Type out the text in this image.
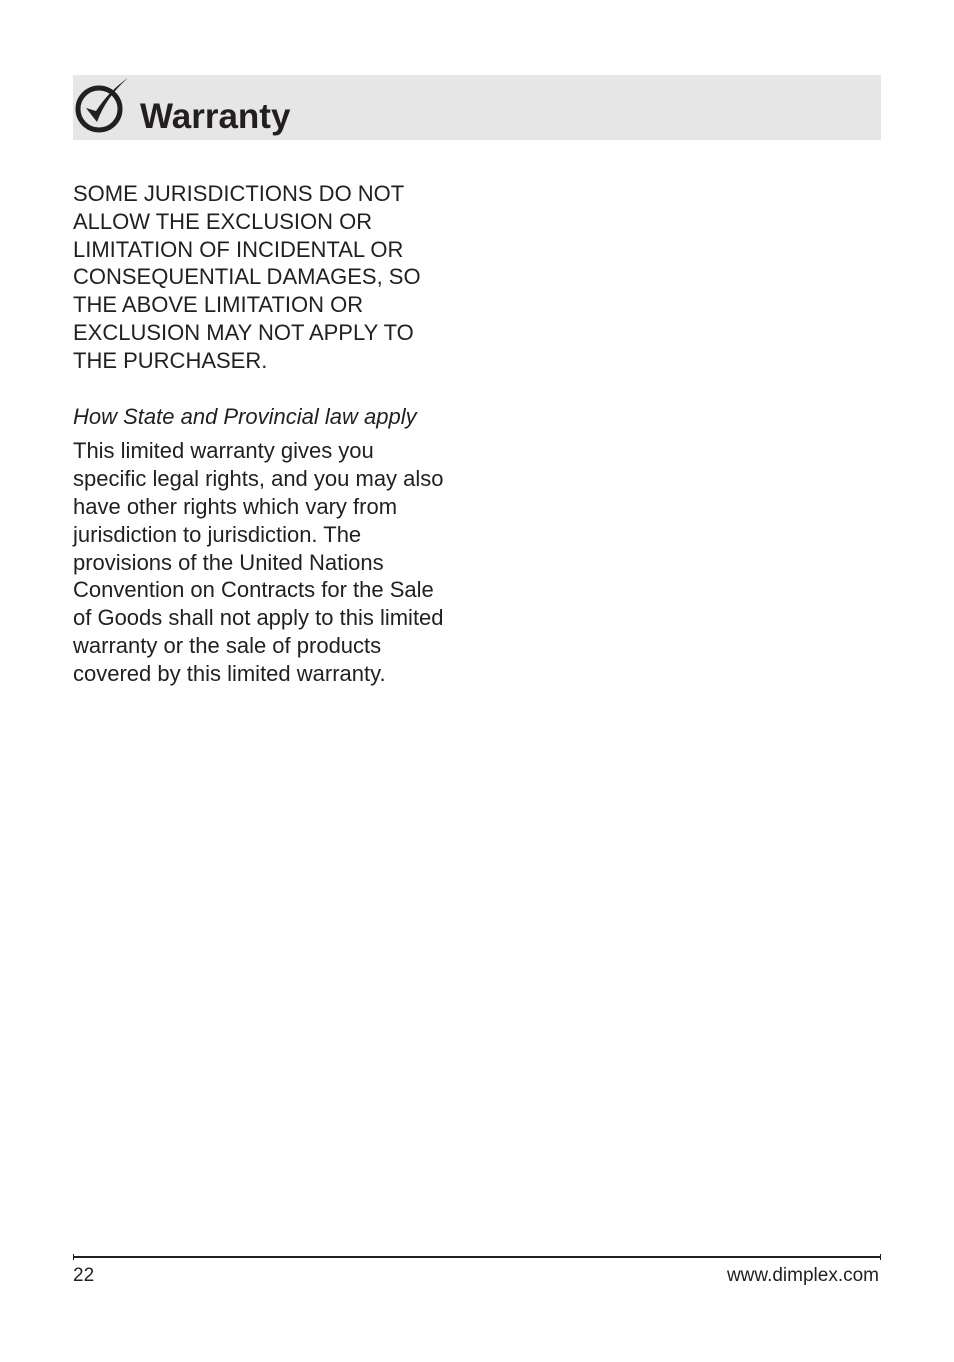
Warranty

SOME JURISDICTIONS DO NOT ALLOW THE EXCLUSION OR LIMITATION OF INCIDENTAL OR CONSEQUENTIAL DAMAGES, SO THE ABOVE LIMITATION OR EXCLUSION MAY NOT APPLY TO THE PURCHASER.

How State and Provincial law apply

This limited warranty gives you specific legal rights, and you may also have other rights which vary from jurisdiction to jurisdiction. The provisions of the United Nations Convention on Contracts for the Sale of Goods shall not apply to this limited warranty or the sale of products covered by this limited warranty.

22	www.dimplex.com
